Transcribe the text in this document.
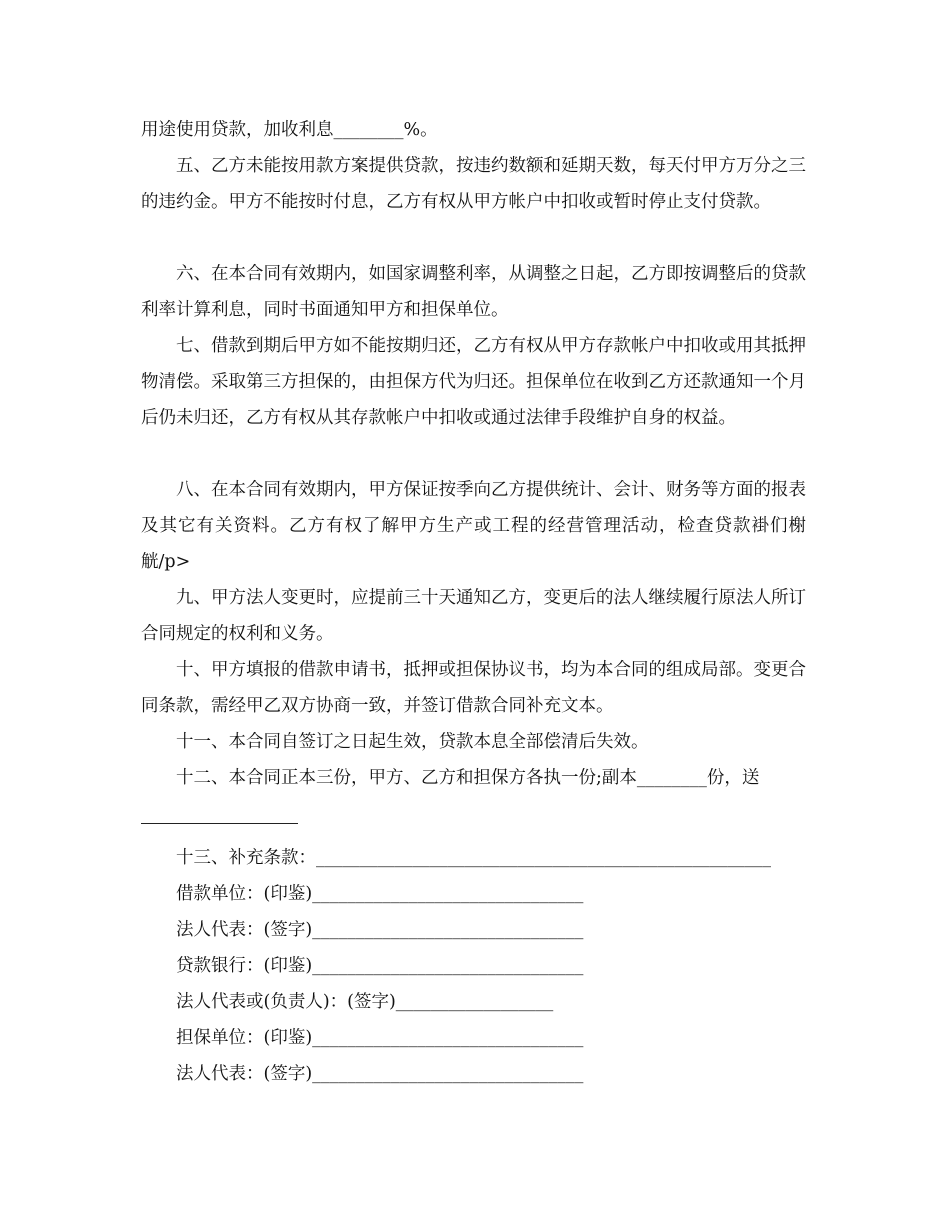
用途使用贷款，加收利息________%。

五、乙方未能按用款方案提供贷款，按违约数额和延期天数，每天付甲方万分之三的违约金。甲方不能按时付息，乙方有权从甲方帐户中扣收或暂时停止支付贷款。

六、在本合同有效期内，如国家调整利率，从调整之日起，乙方即按调整后的贷款利率计算利息，同时书面通知甲方和担保单位。

七、借款到期后甲方如不能按期归还，乙方有权从甲方存款帐户中扣收或用其抵押物清偿。采取第三方担保的，由担保方代为归还。担保单位在收到乙方还款通知一个月后仍未归还，乙方有权从其存款帐户中扣收或通过法律手段维护自身的权益。

八、在本合同有效期内，甲方保证按季向乙方提供统计、会计、财务等方面的报表及其它有关资料。乙方有权了解甲方生产或工程的经营管理活动，检查贷款褂们榭觥/p>

九、甲方法人变更时，应提前三十天通知乙方，变更后的法人继续履行原法人所订合同规定的权利和义务。

十、甲方填报的借款申请书，抵押或担保协议书，均为本合同的组成局部。变更合同条款，需经甲乙双方协商一致，并签订借款合同补充文本。

十一、本合同自签订之日起生效，贷款本息全部偿清后失效。

十二、本合同正本三份，甲方、乙方和担保方各执一份;副本________份，送

十三、补充条款：____________________________________________________

借款单位：(印鉴)_______________________________

法人代表：(签字)_______________________________

贷款银行：(印鉴)_______________________________

法人代表或(负责人)：(签字)__________________

担保单位：(印鉴)_______________________________

法人代表：(签字)_______________________________
